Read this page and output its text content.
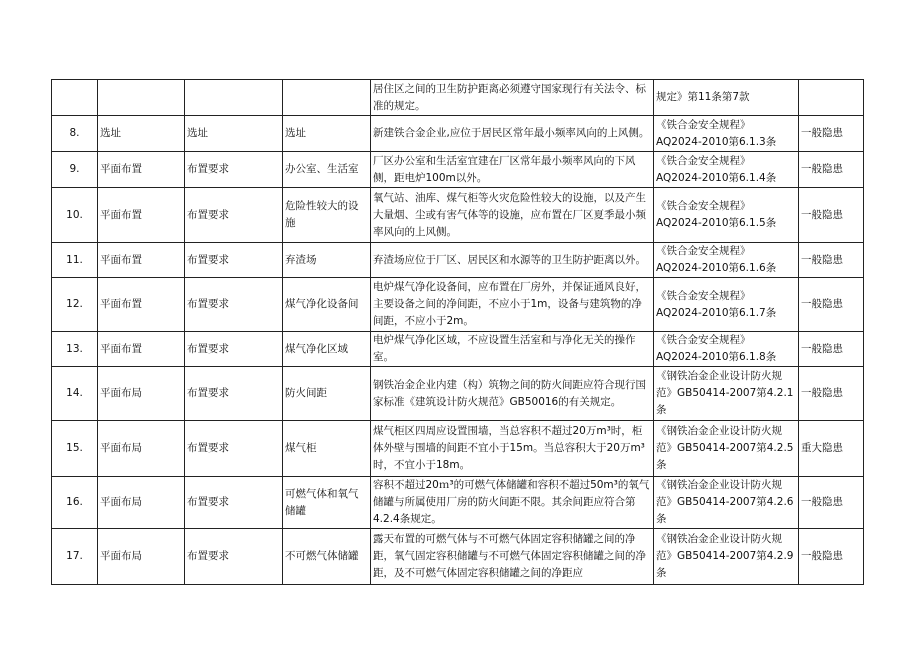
				居住区之间的卫生防护距离必须遵守国家现行有关法令、标准的规定。	规定》第11条第7款	
8.	选址	选址	选址	新建铁合金企业,应位于居民区常年最小频率风向的上风侧。	《铁合金安全规程》AQ2024-2010第6.1.3条	一般隐患
9.	平面布置	布置要求	办公室、生活室	厂区办公室和生活室宜建在厂区常年最小频率风向的下风侧，距电炉100m以外。	《铁合金安全规程》AQ2024-2010第6.1.4条	一般隐患
10.	平面布置	布置要求	危险性较大的设施	氧气站、油库、煤气柜等火灾危险性较大的设施，以及产生大量烟、尘或有害气体等的设施，应布置在厂区夏季最小频率风向的上风侧。	《铁合金安全规程》AQ2024-2010第6.1.5条	一般隐患
11.	平面布置	布置要求	弃渣场	弃渣场应位于厂区、居民区和水源等的卫生防护距离以外。	《铁合金安全规程》AQ2024-2010第6.1.6条	一般隐患
12.	平面布置	布置要求	煤气净化设备间	电炉煤气净化设备间，应布置在厂房外，并保证通风良好，主要设备之间的净间距，不应小于1m，设备与建筑物的净间距，不应小于2m。	《铁合金安全规程》AQ2024-2010第6.1.7条	一般隐患
13.	平面布置	布置要求	煤气净化区域	电炉煤气净化区域，不应设置生活室和与净化无关的操作室。	《铁合金安全规程》AQ2024-2010第6.1.8条	一般隐患
14.	平面布局	布置要求	防火间距	钢铁冶金企业内建（构）筑物之间的防火间距应符合现行国家标准《建筑设计防火规范》GB50016的有关规定。	《钢铁冶金企业设计防火规范》GB50414-2007第4.2.1条	一般隐患
15.	平面布局	布置要求	煤气柜	煤气柜区四周应设置围墙，当总容积不超过20万m³时，柜体外壁与围墙的间距不宜小于15m。当总容积大于20万m³时，不宜小于18m。	《钢铁冶金企业设计防火规范》GB50414-2007第4.2.5条	重大隐患
16.	平面布局	布置要求	可燃气体和氧气储罐	容积不超过20ｍ³的可燃气体储罐和容积不超过50m³的氧气储罐与所属使用厂房的防火间距不限。其余间距应符合第4.2.4条规定。	《钢铁冶金企业设计防火规范》GB50414-2007第4.2.6条	一般隐患
17.	平面布局	布置要求	不可燃气体储罐	露天布置的可燃气体与不可燃气体固定容积储罐之间的净距，氧气固定容积储罐与不可燃气体固定容积储罐之间的净距，及不可燃气体固定容积储罐之间的净距应	《钢铁冶金企业设计防火规范》GB50414-2007第4.2.9条	一般隐患
